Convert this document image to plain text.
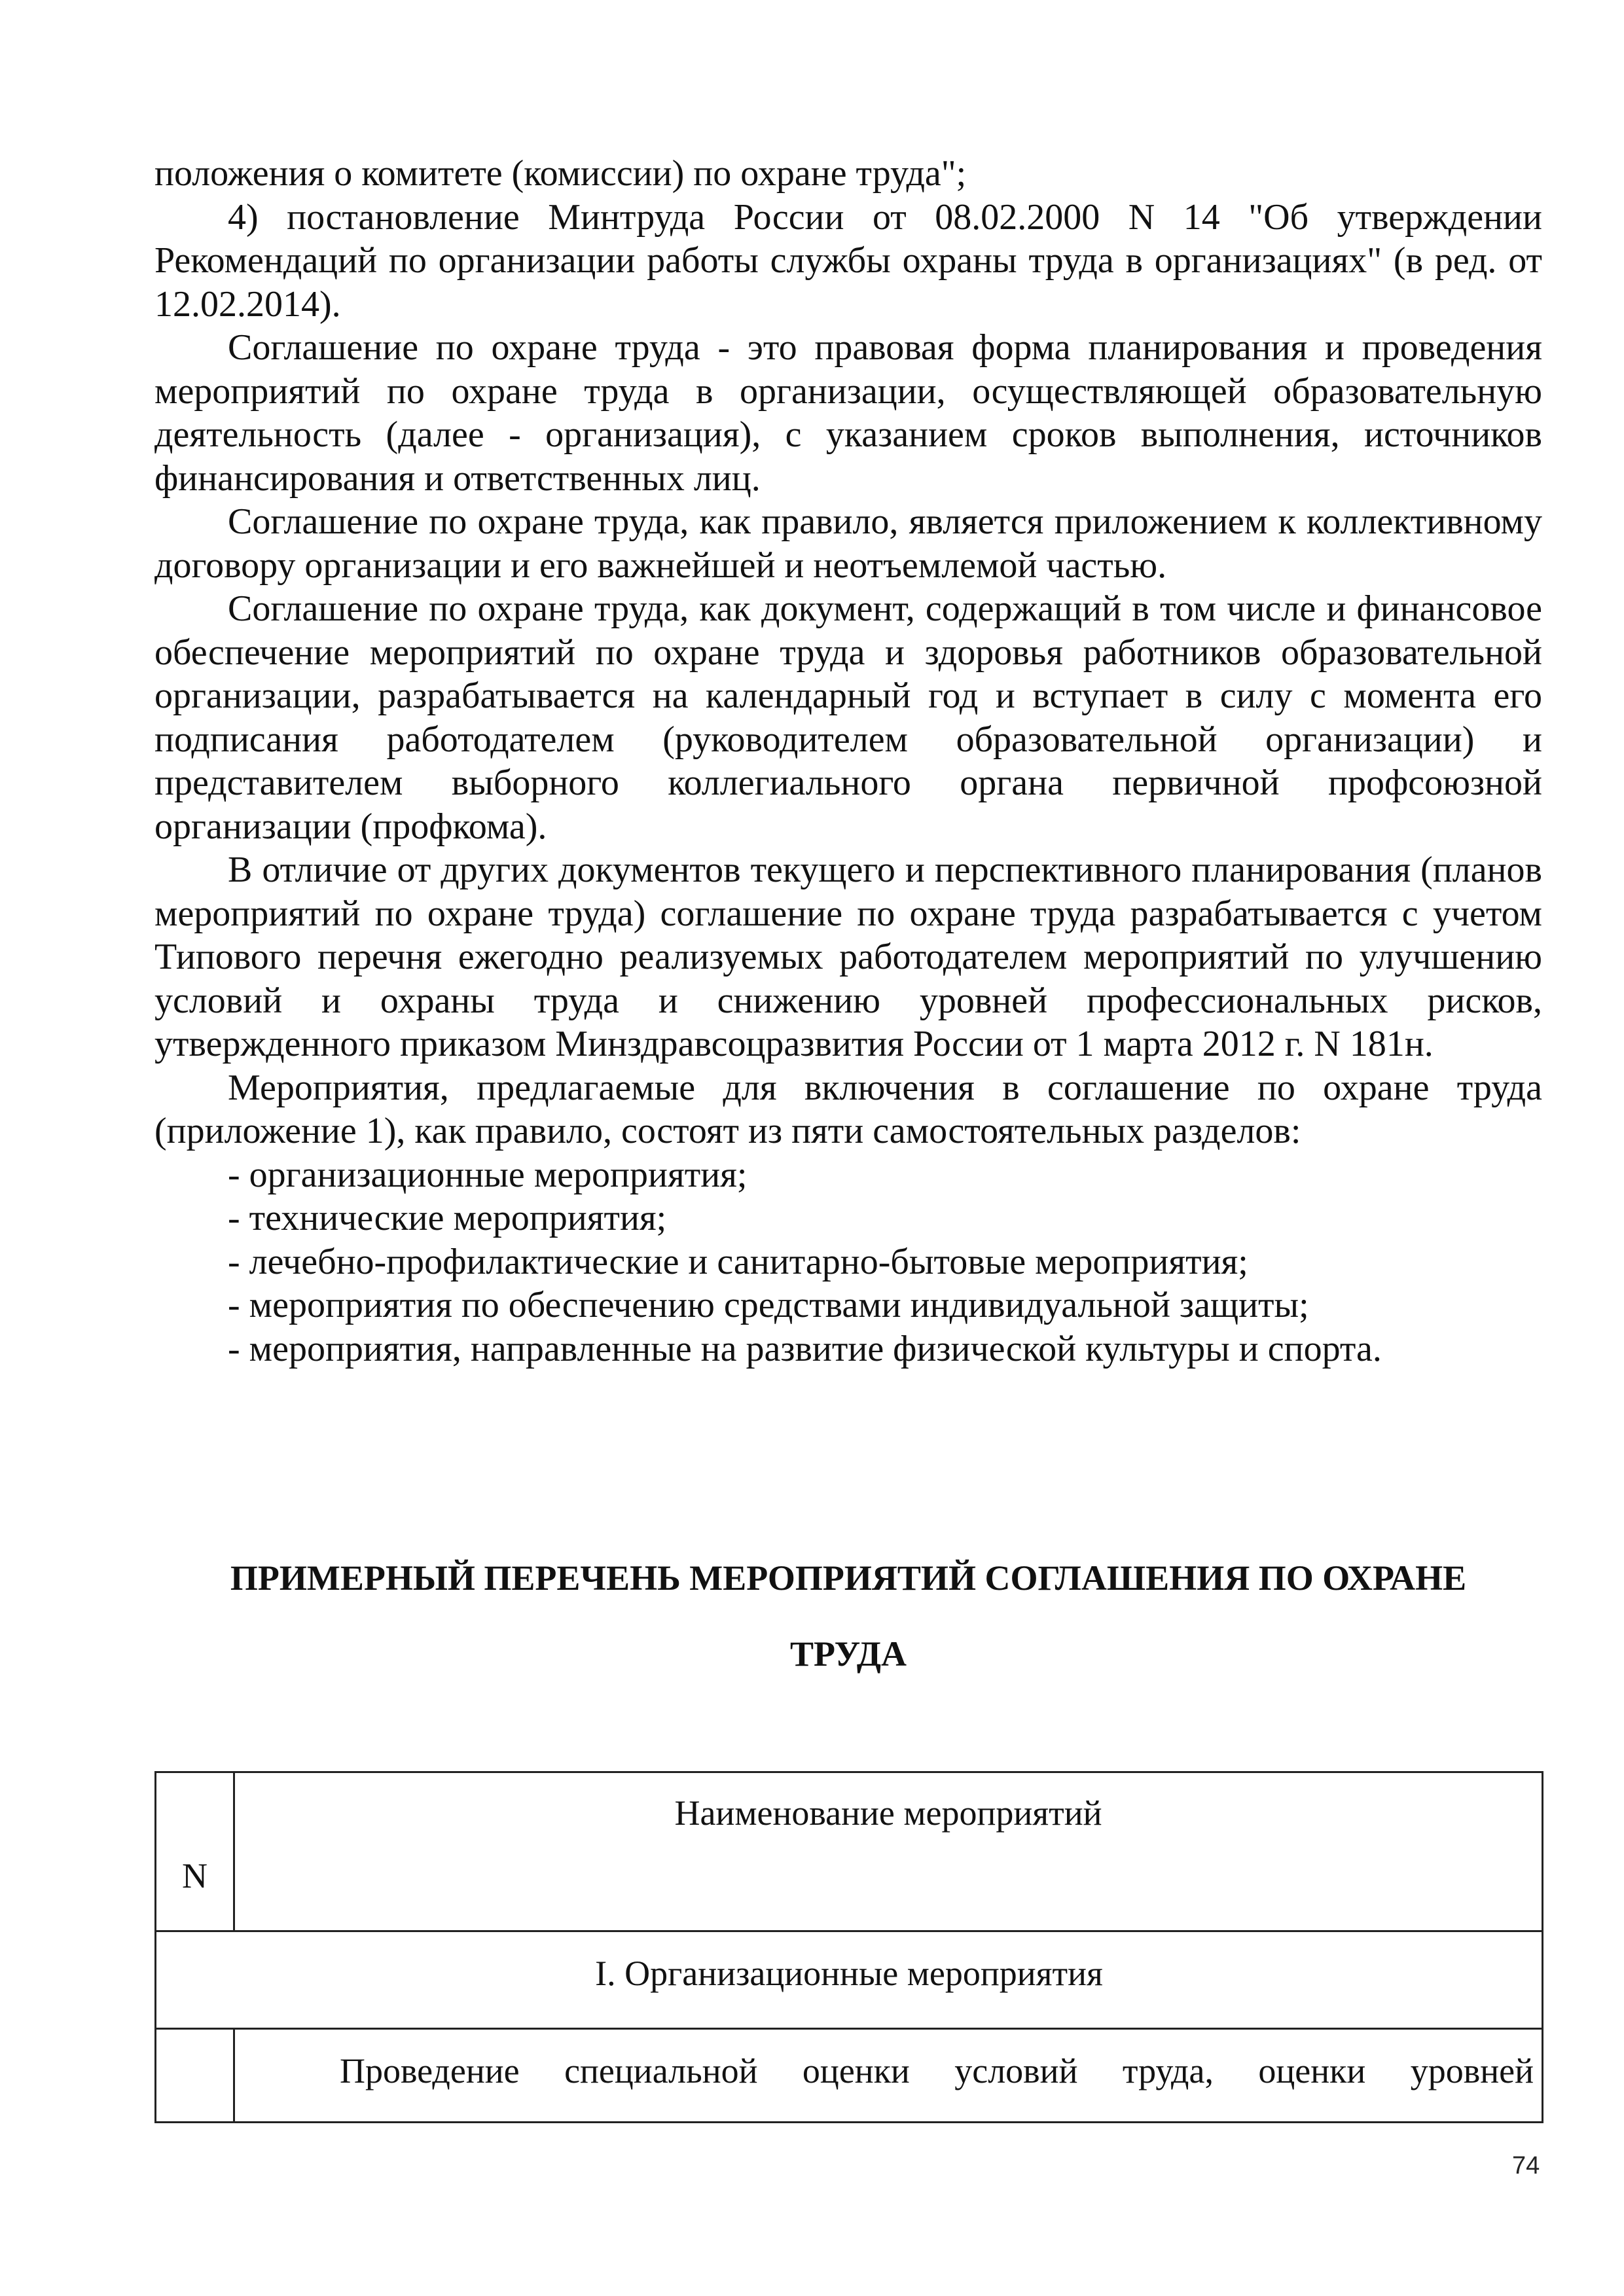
положения о комитете (комиссии) по охране труда";

4) постановление Минтруда России от 08.02.2000 N 14 "Об утверждении Рекомендаций по организации работы службы охраны труда в организациях" (в ред. от 12.02.2014).

Соглашение по охране труда - это правовая форма планирования и проведения мероприятий по охране труда в организации, осуществляющей образовательную деятельность (далее - организация), с указанием сроков выполнения, источников финансирования и ответственных лиц.

Соглашение по охране труда, как правило, является приложением к коллективному договору организации и его важнейшей и неотъемлемой частью.

Соглашение по охране труда, как документ, содержащий в том числе и финансовое обеспечение мероприятий по охране труда и здоровья работников образовательной организации, разрабатывается на календарный год и вступает в силу с момента его подписания работодателем (руководителем образовательной организации) и представителем выборного коллегиального органа первичной профсоюзной организации (профкома).

В отличие от других документов текущего и перспективного планирования (планов мероприятий по охране труда) соглашение по охране труда разрабатывается с учетом Типового перечня ежегодно реализуемых работодателем мероприятий по улучшению условий и охраны труда и снижению уровней профессиональных рисков, утвержденного приказом Минздравсоцразвития России от 1 марта 2012 г. N 181н.

Мероприятия, предлагаемые для включения в соглашение по охране труда (приложение 1), как правило, состоят из пяти самостоятельных разделов:

- организационные мероприятия;

- технические мероприятия;

- лечебно-профилактические и санитарно-бытовые мероприятия;

- мероприятия по обеспечению средствами индивидуальной защиты;

- мероприятия, направленные на развитие физической культуры и спорта.

ПРИМЕРНЫЙ ПЕРЕЧЕНЬ МЕРОПРИЯТИЙ СОГЛАШЕНИЯ ПО ОХРАНЕ
ТРУДА
N	Наименование мероприятий

I. Организационные мероприятия	

	Проведение специальной оценки условий труда, оценки уровней
74
